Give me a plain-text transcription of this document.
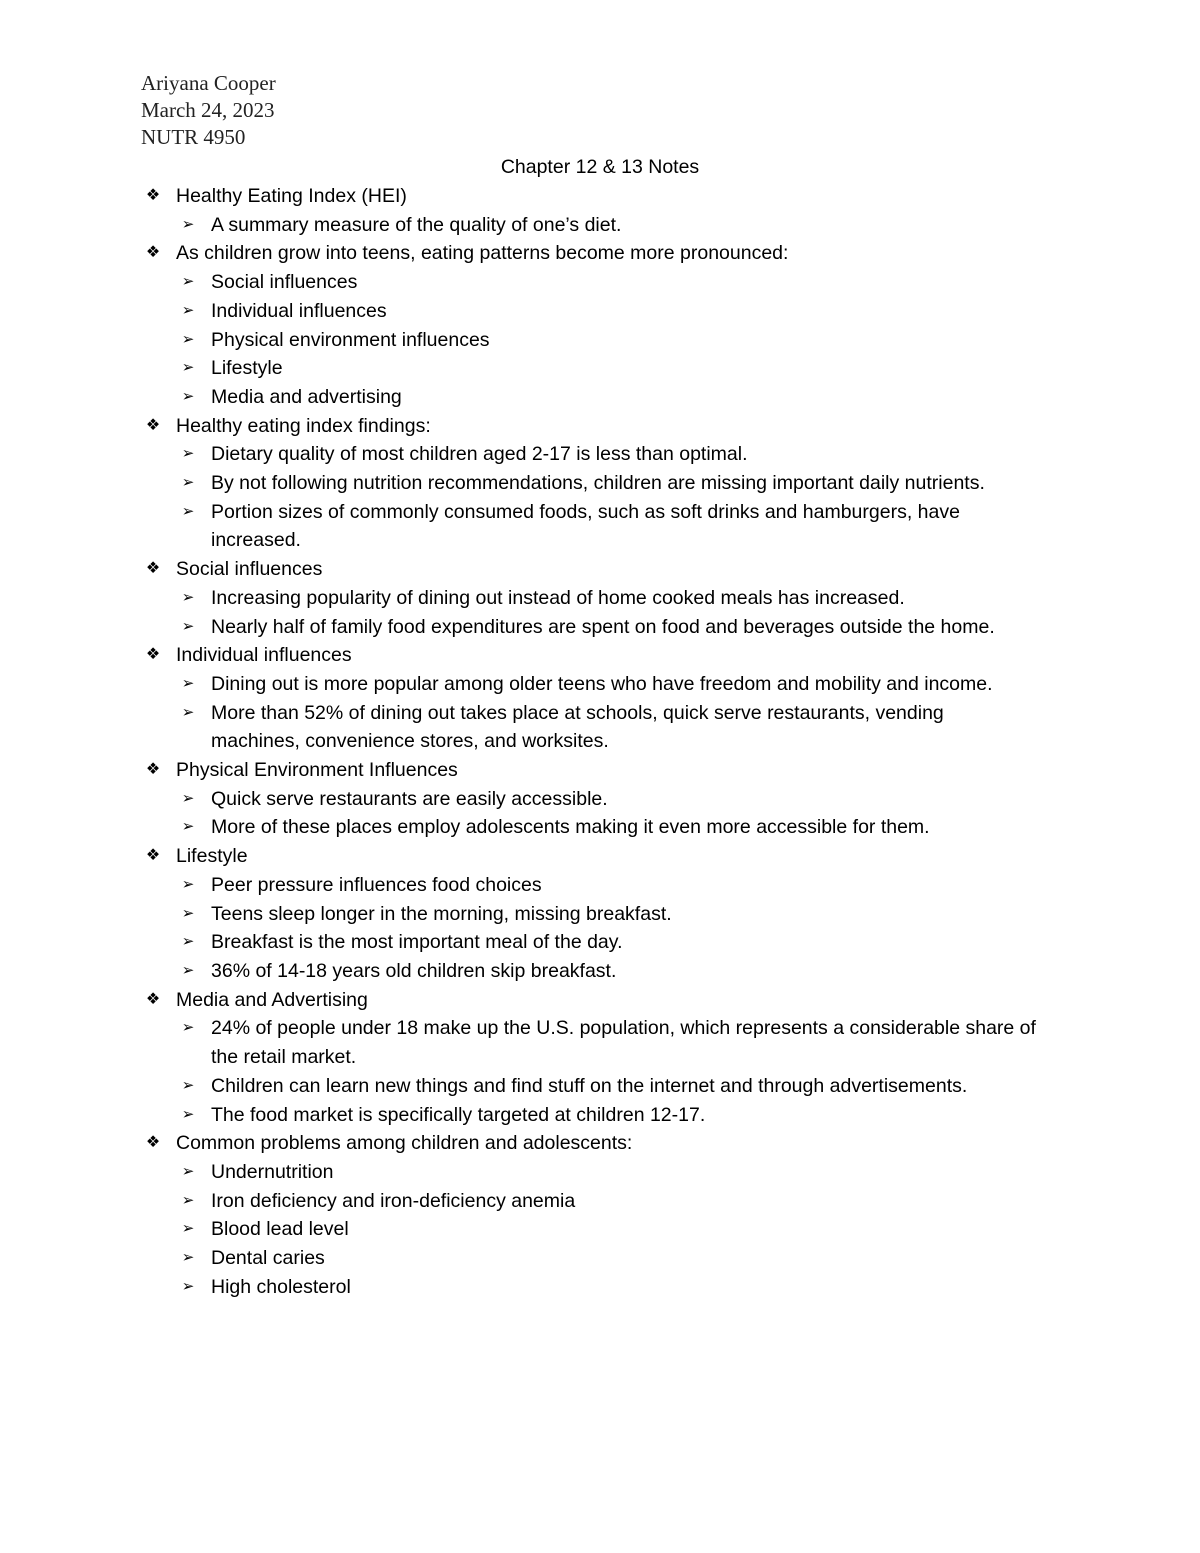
Ariyana Cooper
March 24, 2023
NUTR 4950
Chapter 12 & 13 Notes
❖ Healthy Eating Index (HEI)
➢ A summary measure of the quality of one’s diet.
❖ As children grow into teens, eating patterns become more pronounced:
➢ Social influences
➢ Individual influences
➢ Physical environment influences
➢ Lifestyle
➢ Media and advertising
❖ Healthy eating index findings:
➢ Dietary quality of most children aged 2-17 is less than optimal.
➢ By not following nutrition recommendations, children are missing important daily nutrients.
➢ Portion sizes of commonly consumed foods, such as soft drinks and hamburgers, have increased.
❖ Social influences
➢ Increasing popularity of dining out instead of home cooked meals has increased.
➢ Nearly half of family food expenditures are spent on food and beverages outside the home.
❖ Individual influences
➢ Dining out is more popular among older teens who have freedom and mobility and income.
➢ More than 52% of dining out takes place at schools, quick serve restaurants, vending machines, convenience stores, and worksites.
❖ Physical Environment Influences
➢ Quick serve restaurants are easily accessible.
➢ More of these places employ adolescents making it even more accessible for them.
❖ Lifestyle
➢ Peer pressure influences food choices
➢ Teens sleep longer in the morning, missing breakfast.
➢ Breakfast is the most important meal of the day.
➢ 36% of 14-18 years old children skip breakfast.
❖ Media and Advertising
➢ 24% of people under 18 make up the U.S. population, which represents a considerable share of the retail market.
➢ Children can learn new things and find stuff on the internet and through advertisements.
➢ The food market is specifically targeted at children 12-17.
❖ Common problems among children and adolescents:
➢ Undernutrition
➢ Iron deficiency and iron-deficiency anemia
➢ Blood lead level
➢ Dental caries
➢ High cholesterol
